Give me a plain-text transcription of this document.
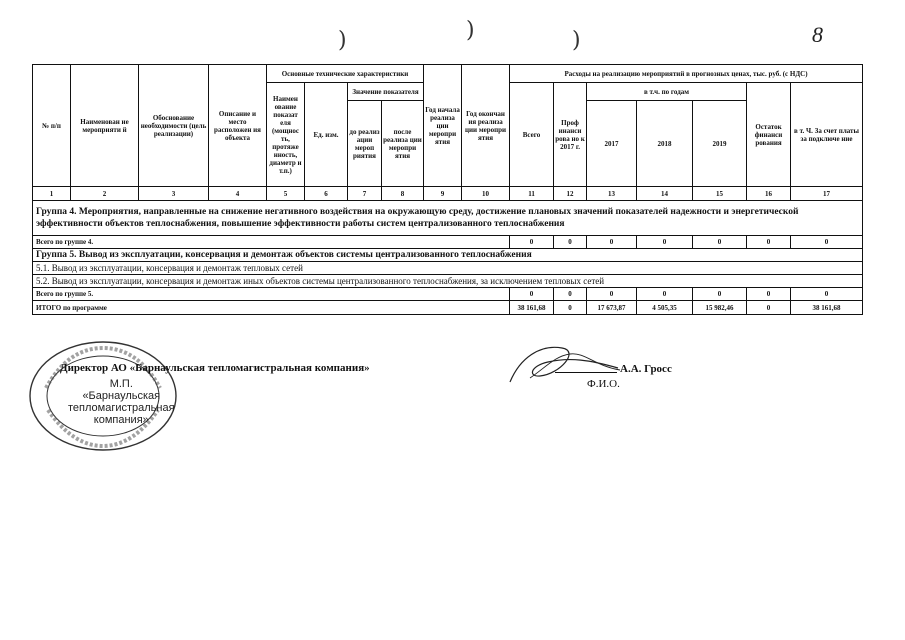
)	)	)	8
№ п/п	Наименован ие мероприяти й	Обоснование необходимости (цель реализации)	Описание и место расположен ия объекта	Основные технические характеристики				Год начала реализа ции меропри ятия	Год окончан ия реализа ции меропри ятия	Расходы на реализацию мероприятий в прогнозных ценах, тыс. руб. (с НДС)						
				Наимен ование показат еля (мощнос ть, протяже нность, диаметр и т.п.)	Ед. изм.	Значение показателя				Всего	Проф инанси рова но к 2017 г.	в т.ч. по годам			Остаток финанси рования	в т. Ч. За счет платы за подключе ние
						до реализ ации мероп риятия	после реализа ции меропри ятия					2017	2018	2019		

1	2	3	4	5	6	7	8	9	10	11	12	13	14	15	16	17
Группа 4. Мероприятия, направленные на снижение негативного воздействия на окружающую среду, достижение плановых значений показателей надежности и энергетической эффективности объектов теплоснабжения, повышение эффективности работы систем централизованного теплоснабжения																
Всего по группе 4.										0	0	0	0	0	0	0
Группа 5. Вывод из эксплуатации, консервация и демонтаж объектов системы централизованного теплоснабжения																
5.1. Вывод из эксплуатации, консервация и демонтаж тепловых сетей																
5.2. Вывод из эксплуатации, консервация и демонтаж иных объектов системы централизованного теплоснабжения, за исключением тепловых сетей																
Всего по группе 5.										0	0	0	0	0	0	0
ИТОГО по программе										38 161,68	0	17 673,87	4 505,35	15 982,46	0	38 161,68
М.П.
«Барнаульская
тепломагистральная
компания»
Директор АО «Барнаульская тепломагистральная компания»	А.А. Гросс
Ф.И.О.
